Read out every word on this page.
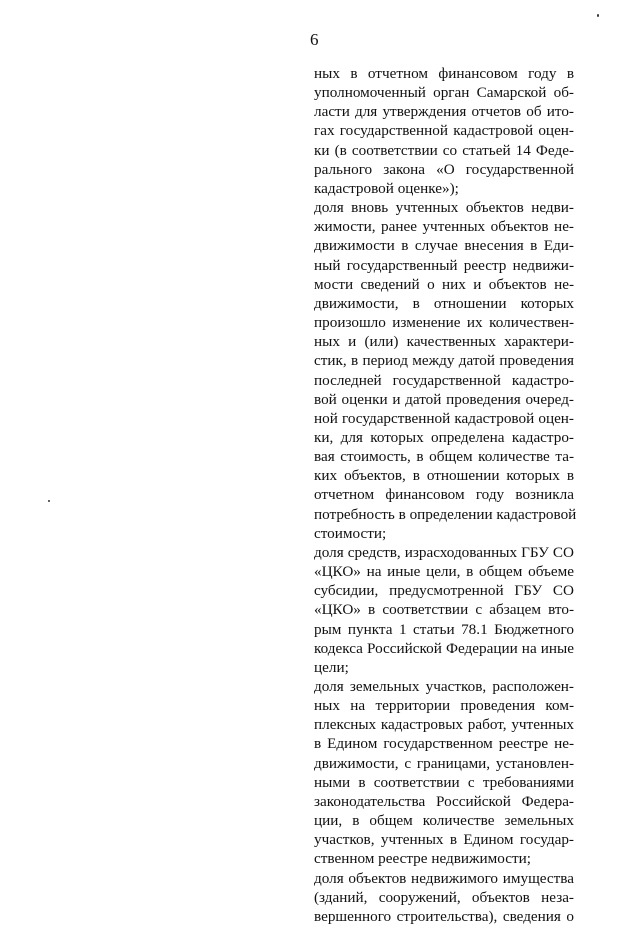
6
ных в отчетном финансовом году в
уполномоченный орган Самарской об-
ласти для утверждения отчетов об ито-
гах государственной кадастровой оцен-
ки (в соответствии со статьей 14 Феде-
рального закона «О государственной
кадастровой оценке»);
доля вновь учтенных объектов недви-
жимости, ранее учтенных объектов не-
движимости в случае внесения в Еди-
ный государственный реестр недвижи-
мости сведений о них и объектов не-
движимости, в отношении которых
произошло изменение их количествен-
ных и (или) качественных характери-
стик, в период между датой проведения
последней государственной кадастро-
вой оценки и датой проведения очеред-
ной государственной кадастровой оцен-
ки, для которых определена кадастро-
вая стоимость, в общем количестве та-
ких объектов, в отношении которых в
отчетном финансовом году возникла
потребность в определении кадастровой
стоимости;
доля средств, израсходованных ГБУ СО
«ЦКО» на иные цели, в общем объеме
субсидии, предусмотренной ГБУ СО
«ЦКО» в соответствии с абзацем вто-
рым пункта 1 статьи 78.1 Бюджетного
кодекса Российской Федерации на иные
цели;
доля земельных участков, расположен-
ных на территории проведения ком-
плексных кадастровых работ, учтенных
в Едином государственном реестре не-
движимости, с границами, установлен-
ными в соответствии с требованиями
законодательства Российской Федера-
ции, в общем количестве земельных
участков, учтенных в Едином государ-
ственном реестре недвижимости;
доля объектов недвижимого имущества
(зданий, сооружений, объектов неза-
вершенного строительства), сведения о
